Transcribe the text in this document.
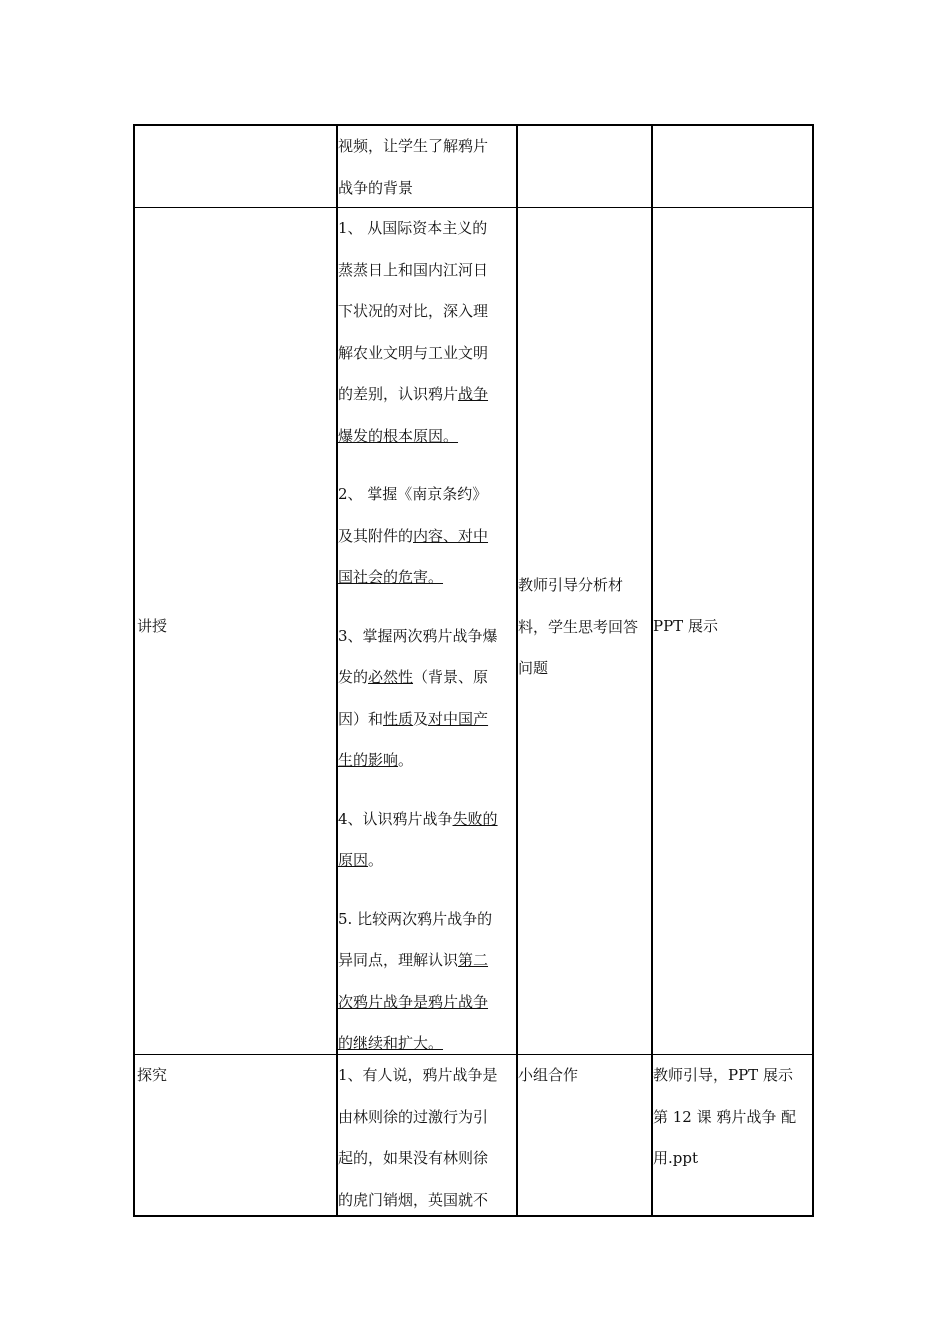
视频，让学生了解鸦片
战争的背景
讲授
1、 从国际资本主义的
蒸蒸日上和国内江河日
下状况的对比，深入理
解农业文明与工业文明
的差别，认识鸦片战争
爆发的根本原因。
2、 掌握《南京条约》
及其附件的内容、对中
国社会的危害。
3、掌握两次鸦片战争爆
发的必然性（背景、原
因）和性质及对中国产
生的影响。
4、认识鸦片战争失败的
原因。
5. 比较两次鸦片战争的
异同点，理解认识第二
次鸦片战争是鸦片战争
的继续和扩大。
教师引导分析材
料，学生思考回答
问题
PPT 展示
探究	1、有人说，鸦片战争是
由林则徐的过激行为引
起的，如果没有林则徐
的虎门销烟，英国就不
小组合作	教师引导，PPT 展示
第 12 课 鸦片战争 配
用.ppt
